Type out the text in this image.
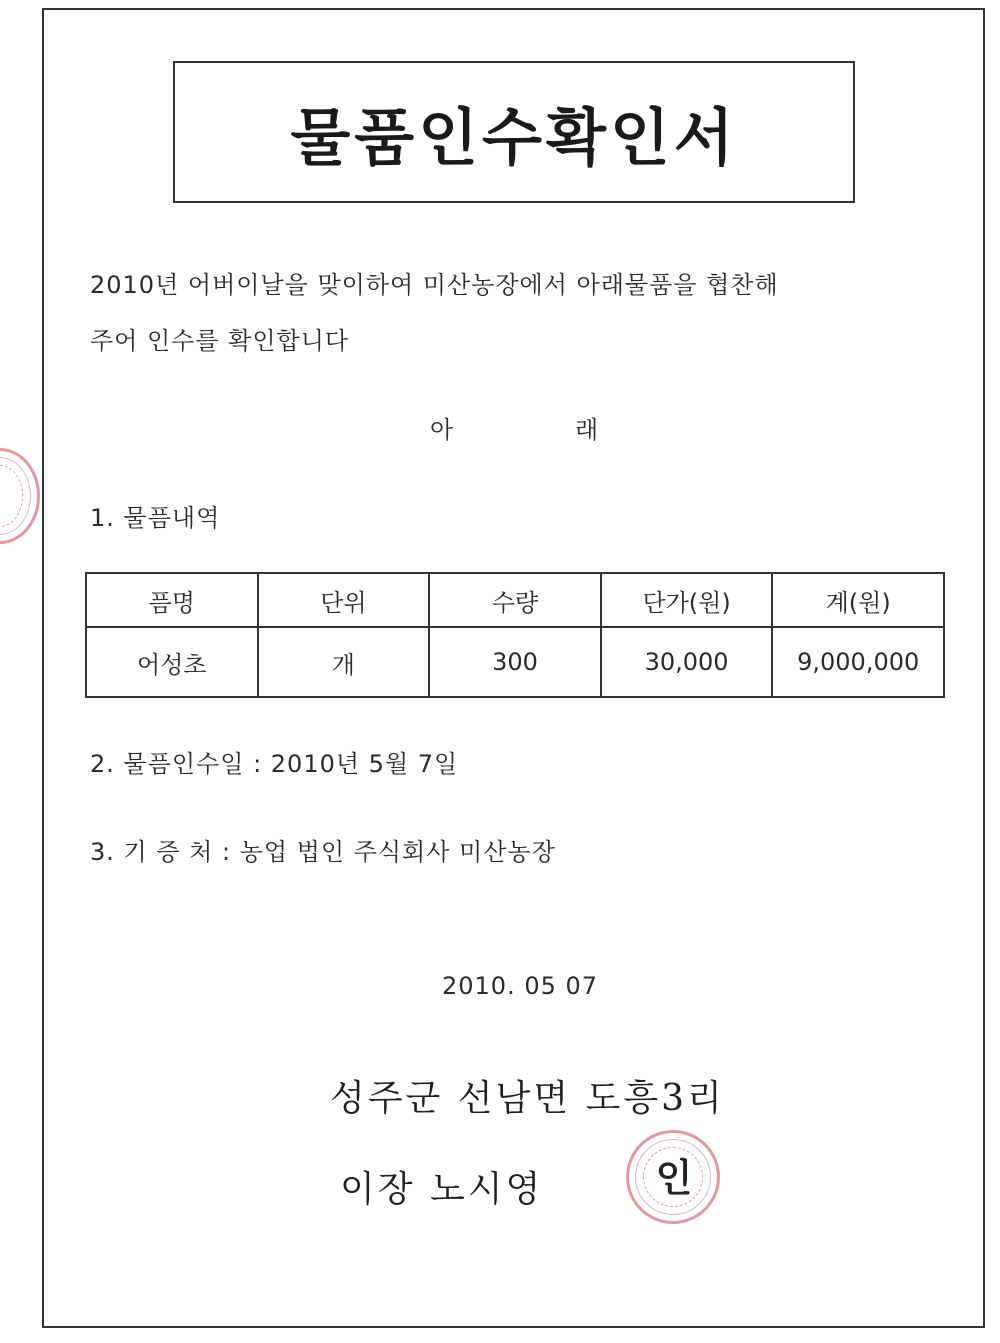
물품인수확인서
2010년 어버이날을 맞이하여 미산농장에서 아래물품을 협찬해
주어 인수를 확인합니다
아	래
1. 물픔내역
픔명	단위	수량	단가(원)	계(원)
어성초	개	300	30,000	9,000,000
2. 물픔인수일 : 2010년 5월 7일
3. 기 증 처 : 농업 법인 주식회사 미산농장
2010. 05 07
성주군 선남면 도흥3리
이장 노시영	인
